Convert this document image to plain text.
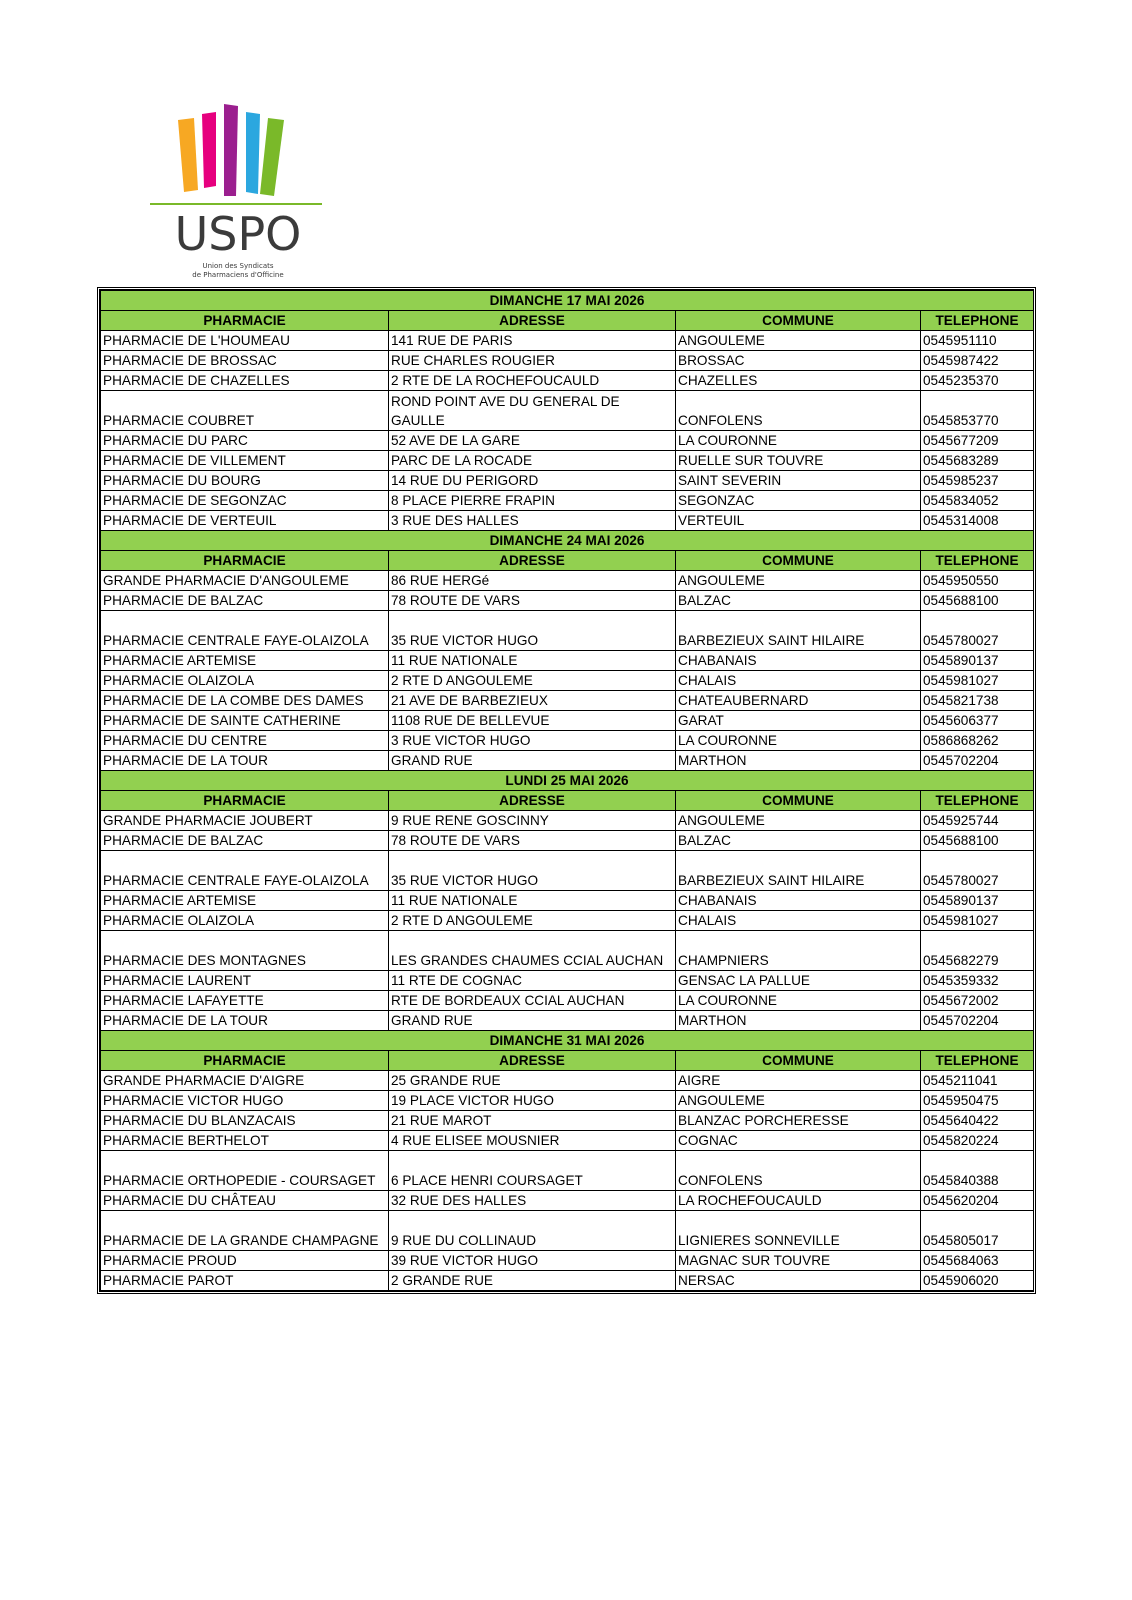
USPO
Union des Syndicats
de Pharmaciens d'Officine
DIMANCHE 17 MAI 2026			
PHARMACIE	ADRESSE	COMMUNE	TELEPHONE
PHARMACIE DE L'HOUMEAU	141 RUE DE PARIS	ANGOULEME	0545951110
PHARMACIE DE BROSSAC	RUE CHARLES ROUGIER	BROSSAC	0545987422
PHARMACIE DE CHAZELLES	2 RTE DE LA ROCHEFOUCAULD	CHAZELLES	0545235370
PHARMACIE COUBRET	ROND POINT AVE DU GENERAL DE GAULLE	CONFOLENS	0545853770
PHARMACIE DU PARC	52 AVE DE LA GARE	LA COURONNE	0545677209
PHARMACIE DE VILLEMENT	PARC DE LA ROCADE	RUELLE SUR TOUVRE	0545683289
PHARMACIE DU BOURG	14 RUE DU PERIGORD	SAINT SEVERIN	0545985237
PHARMACIE DE SEGONZAC	8 PLACE PIERRE FRAPIN	SEGONZAC	0545834052
PHARMACIE DE VERTEUIL	3 RUE DES HALLES	VERTEUIL	0545314008
DIMANCHE 24 MAI 2026			
PHARMACIE	ADRESSE	COMMUNE	TELEPHONE
GRANDE PHARMACIE D'ANGOULEME	86 RUE HERGé	ANGOULEME	0545950550
PHARMACIE DE BALZAC	78 ROUTE DE VARS	BALZAC	0545688100
PHARMACIE CENTRALE FAYE-OLAIZOLA	35 RUE VICTOR HUGO	BARBEZIEUX SAINT HILAIRE	0545780027
PHARMACIE ARTEMISE	11 RUE NATIONALE	CHABANAIS	0545890137
PHARMACIE OLAIZOLA	2 RTE D ANGOULEME	CHALAIS	0545981027
PHARMACIE DE LA COMBE DES DAMES	21 AVE DE BARBEZIEUX	CHATEAUBERNARD	0545821738
PHARMACIE DE SAINTE CATHERINE	1108 RUE DE BELLEVUE	GARAT	0545606377
PHARMACIE DU CENTRE	3 RUE VICTOR HUGO	LA COURONNE	0586868262
PHARMACIE DE LA TOUR	GRAND RUE	MARTHON	0545702204
LUNDI 25 MAI 2026			
PHARMACIE	ADRESSE	COMMUNE	TELEPHONE
GRANDE PHARMACIE JOUBERT	9 RUE RENE GOSCINNY	ANGOULEME	0545925744
PHARMACIE DE BALZAC	78 ROUTE DE VARS	BALZAC	0545688100
PHARMACIE CENTRALE FAYE-OLAIZOLA	35 RUE VICTOR HUGO	BARBEZIEUX SAINT HILAIRE	0545780027
PHARMACIE ARTEMISE	11 RUE NATIONALE	CHABANAIS	0545890137
PHARMACIE OLAIZOLA	2 RTE D ANGOULEME	CHALAIS	0545981027
PHARMACIE DES MONTAGNES	LES GRANDES CHAUMES CCIAL AUCHAN	CHAMPNIERS	0545682279
PHARMACIE LAURENT	11 RTE DE COGNAC	GENSAC LA PALLUE	0545359332
PHARMACIE LAFAYETTE	RTE DE BORDEAUX CCIAL AUCHAN	LA COURONNE	0545672002
PHARMACIE DE LA TOUR	GRAND RUE	MARTHON	0545702204
DIMANCHE 31 MAI 2026			
PHARMACIE	ADRESSE	COMMUNE	TELEPHONE
GRANDE PHARMACIE D'AIGRE	25 GRANDE RUE	AIGRE	0545211041
PHARMACIE VICTOR HUGO	19 PLACE VICTOR HUGO	ANGOULEME	0545950475
PHARMACIE DU BLANZACAIS	21 RUE MAROT	BLANZAC PORCHERESSE	0545640422
PHARMACIE BERTHELOT	4 RUE ELISEE MOUSNIER	COGNAC	0545820224
PHARMACIE ORTHOPEDIE - COURSAGET	6 PLACE HENRI COURSAGET	CONFOLENS	0545840388
PHARMACIE DU CHÂTEAU	32 RUE DES HALLES	LA ROCHEFOUCAULD	0545620204
PHARMACIE DE LA GRANDE CHAMPAGNE	9 RUE DU COLLINAUD	LIGNIERES SONNEVILLE	0545805017
PHARMACIE PROUD	39 RUE VICTOR HUGO	MAGNAC SUR TOUVRE	0545684063
PHARMACIE PAROT	2 GRANDE RUE	NERSAC	0545906020
